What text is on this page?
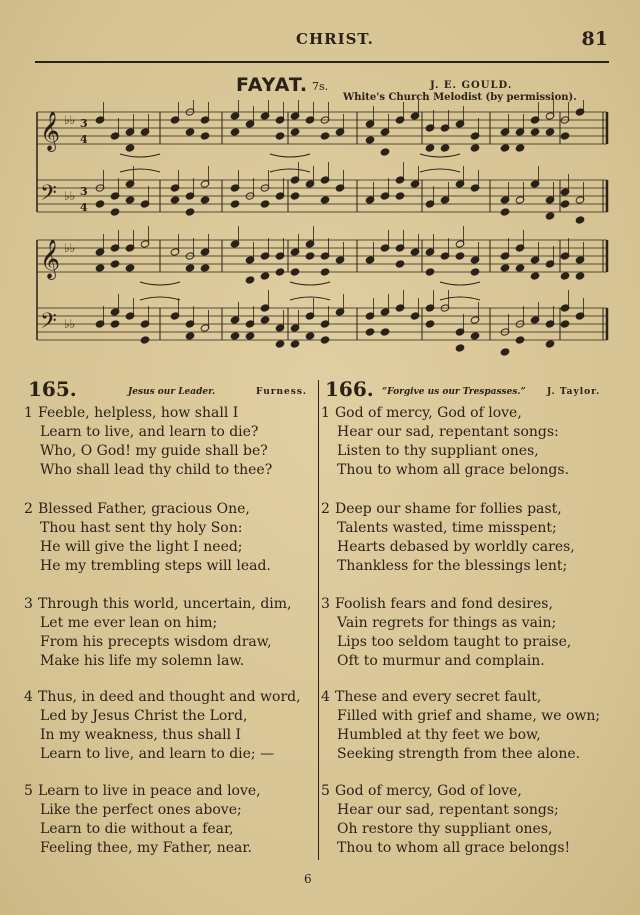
CHRIST.	81
FAYAT. 7s.	J. E. GOULD.
White's Church Melodist (by permission).
𝄞 ♭♭ 3
4
𝄢 ♭♭ 3
4
𝄞 ♭♭
𝄢 ♭♭
165.	Jesus our Leader.	Furness. 166. “Forgive us our Trespasses.” J. Taylor.
1 Feeble, helpless, how shall I
Learn to live, and learn to die?
Who, O God! my guide shall be?
Who shall lead thy child to thee?
2 Blessed Father, gracious One,
Thou hast sent thy holy Son:
He will give the light I need;
He my trembling steps will lead.
3 Through this world, uncertain, dim,
Let me ever lean on him;
From his precepts wisdom draw,
Make his life my solemn law.
4 Thus, in deed and thought and word,
Led by Jesus Christ the Lord,
In my weakness, thus shall I
Learn to live, and learn to die; —
5 Learn to live in peace and love,
Like the perfect ones above;
Learn to die without a fear,
Feeling thee, my Father, near.
1 God of mercy, God of love,
Hear our sad, repentant songs:
Listen to thy suppliant ones,
Thou to whom all grace belongs.
2 Deep our shame for follies past,
Talents wasted, time misspent;
Hearts debased by worldly cares,
Thankless for the blessings lent;
3 Foolish fears and fond desires,
Vain regrets for things as vain;
Lips too seldom taught to praise,
Oft to murmur and complain.
4 These and every secret fault,
Filled with grief and shame, we own;
Humbled at thy feet we bow,
Seeking strength from thee alone.
5 God of mercy, God of love,
Hear our sad, repentant songs;
Oh restore thy suppliant ones,
Thou to whom all grace belongs!
6
